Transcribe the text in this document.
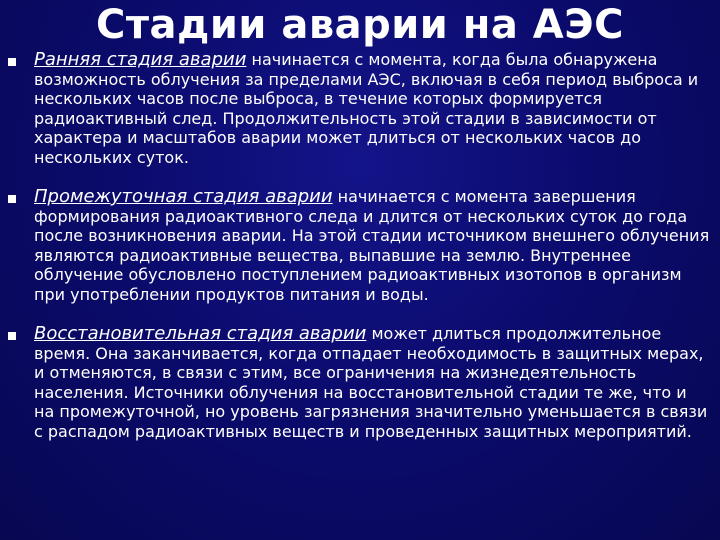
Стадии аварии на АЭС
Ранняя стадия аварии начинается с момента, когда была обнаружена возможность облучения за пределами АЭС, включая в себя период выброса и нескольких часов после выброса, в течение которых формируется радиоактивный след. Продолжительность этой стадии в зависимости от характера и масштабов аварии может длиться от нескольких часов до нескольких суток.
Промежуточная стадия аварии начинается с момента завершения формирования радиоактивного следа и длится от нескольких суток до года после возникновения аварии. На этой стадии источником внешнего облучения являются радиоактивные вещества, выпавшие на землю. Внутреннее облучение обусловлено поступлением радиоактивных изотопов в организм при употреблении продуктов питания и воды.
Восстановительная стадия аварии может длиться продолжительное время. Она заканчивается, когда отпадает необходимость в защитных мерах, и отменяются, в связи с этим, все ограничения на жизнедеятельность населения. Источники облучения на восстановительной стадии те же, что и на промежуточной, но уровень загрязнения значительно уменьшается в связи с распадом радиоактивных веществ и проведенных защитных мероприятий.
